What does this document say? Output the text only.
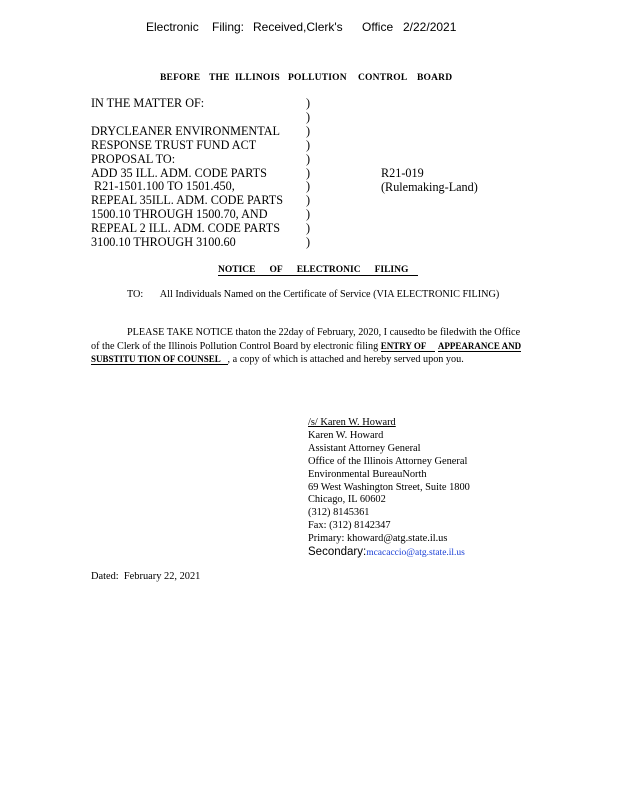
Electronic Filing: Received,Clerk's Office 2/22/2021
BEFORE THE ILLINOIS POLLUTION CONTROL BOARD
IN THE MATTER OF:

DRYCLEANER ENVIRONMENTAL
RESPONSE TRUST FUND ACT
PROPOSAL TO:
ADD 35 ILL. ADM. CODE PARTS
R21-1501.100 TO 1501.450,
REPEAL 35ILL. ADM. CODE PARTS
1500.10 THROUGH 1500.70, AND
REPEAL 2 ILL. ADM. CODE PARTS
3100.10 THROUGH 3100.60
)
)
)
)
)
)
)
)
)
)
)
R21-019
(Rulemaking-Land)
NOTICE OF ELECTRONIC FILING
TO: All Individuals Named on the Certificate of Service (VIA ELECTRONIC FILING)
PLEASE TAKE NOTICE thaton the 22day of February, 2020, I causedto be filedwith the Office of the Clerk of the Illinois Pollution Control Board by electronic filing ENTRY OF APPEARANCE AND SUBSTITU TION OF COUNSEL , a copy of which is attached and hereby served upon you.
/s/ Karen W. Howard
Karen W. Howard
Assistant Attorney General
Office of the Illinois Attorney General
Environmental BureauNorth
69 West Washington Street, Suite 1800
Chicago, IL 60602
(312) 8145361
Fax: (312) 8142347
Primary: khoward@atg.state.il.us
Secondary:mcacaccio@atg.state.il.us
Dated:  February 22, 2021
